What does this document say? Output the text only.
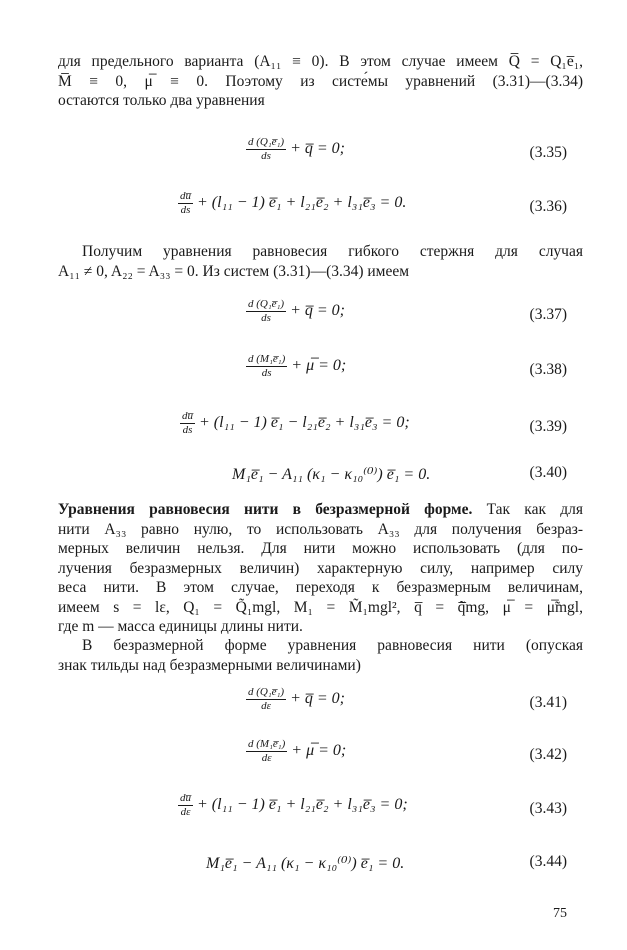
для предельного варианта (A₁₁ ≡ 0). В этом случае имеем Q̅ = Q₁e̅₁,
M̅ ≡ 0, μ̅ ≡ 0. Поэтому из систе́мы уравнений (3.31)—(3.34)
остаются только два уравнения
$\frac{\text{d (Q₁e̅₁)}}{ds}$ + q̅ = 0;	(3.35)
$\frac{du̅}{ds} + (l_{11} - 1)$ e̅₁ + l₂₁e̅₂ + l₃₁e̅₃ = 0.	(3.36)
Получим уравнения равновесия гибкого стержня для случая
A₁₁ ≠ 0, A₂₂ = A₃₃ = 0. Из систем (3.31)—(3.34) имеем
$\frac{\text{d (Q₁e̅₁)}}{ds}$ + q̅ = 0;	(3.37)
$\frac{\text{d (M₁e̅₁)}}{ds}$ + μ̅ = 0;	(3.38)
$\frac{du̅}{ds} + (l_{11} - 1)$ e̅₁ − l₂₁e̅₂ + l₃₁e̅₃ = 0;	(3.39)
M₁e̅₁ − A₁₁ (κ₁ − κ₁₀⁽⁰⁾) e̅₁ = 0.	(3.40)
Уравнения равновесия нити в безразмерной форме. Так как для
нити A₃₃ равно нулю, то использовать A₃₃ для получения безраз-
мерных величин нельзя. Для нити можно использовать (для по-
лучения безразмерных величин) характерную силу, например силу
веса нити. В этом случае, переходя к безразмерным величинам,
имеем s = lε, Q₁ = Q̃₁mgl, M₁ = M̃₁mgl², q̅ = q̃̅mg, μ̅ = μ̃̅mgl,
где m — масса единицы длины нити.
В безразмерной форме уравнения равновесия нити (опуская
знак тильды над безразмерными величинами)
$\frac{\text{d (Q₁e̅₁)}}{d\varepsilon}$ + q̅ = 0;	(3.41)
$\frac{\text{d (M₁e̅₁)}}{d\varepsilon}$ + μ̅ = 0;	(3.42)
$\frac{du̅}{d\varepsilon} + (l_{11} - 1)$ e̅₁ + l₂₁e̅₂ + l₃₁e̅₃ = 0;	(3.43)
M₁e̅₁ − A₁₁ (κ₁ − κ₁₀⁽⁰⁾) e̅₁ = 0.	(3.44)
75
